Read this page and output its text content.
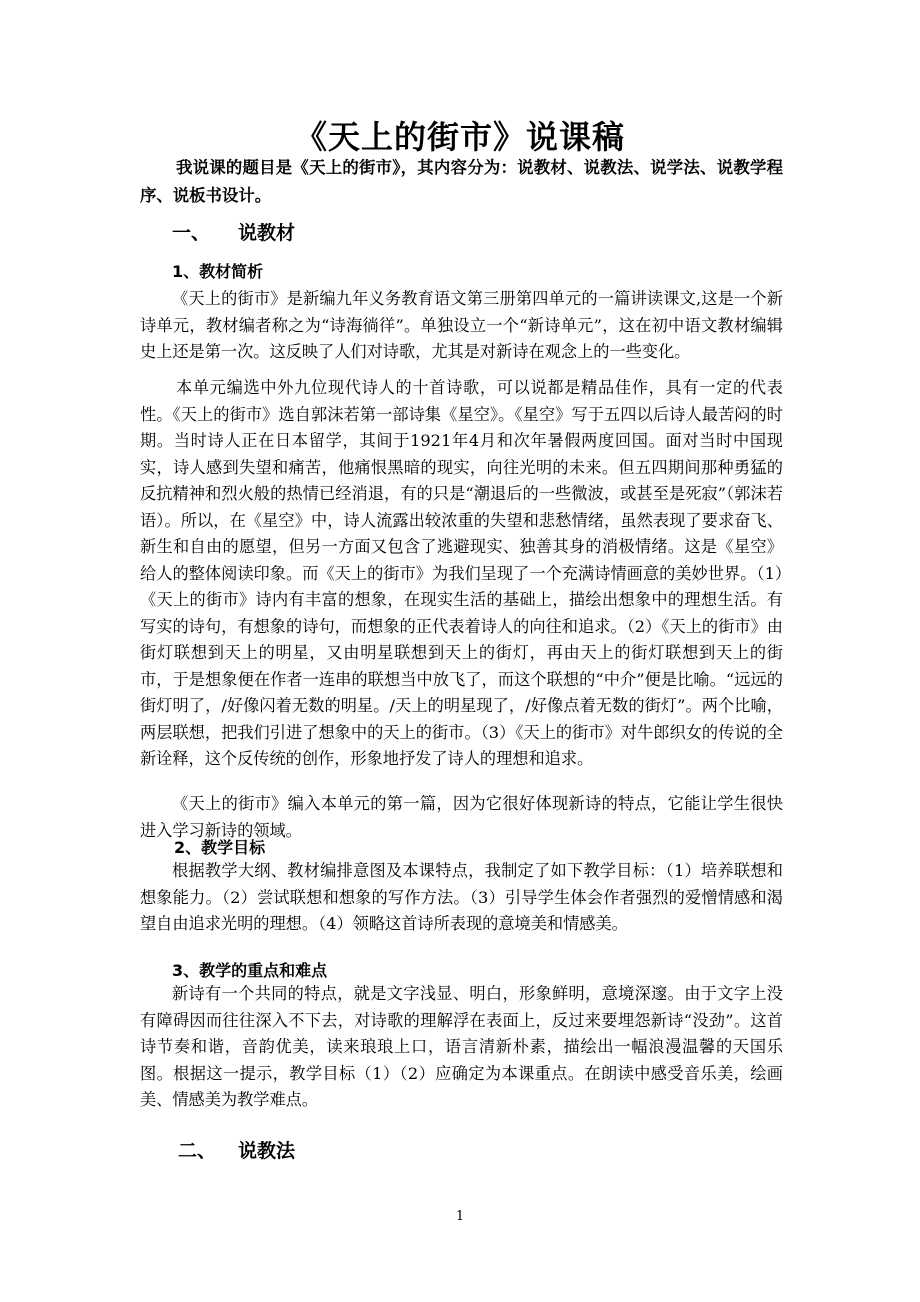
《天上的街市》说课稿
我说课的题目是《天上的街市》，其内容分为：说教材、说教法、说学法、说教学程序、说板书设计。
一、 说教材
1、教材简析
《天上的街市》是新编九年义务教育语文第三册第四单元的一篇讲读课文,这是一个新诗单元，教材编者称之为“诗海徜徉”。单独设立一个“新诗单元”，这在初中语文教材编辑史上还是第一次。这反映了人们对诗歌，尤其是对新诗在观念上的一些变化。
本单元编选中外九位现代诗人的十首诗歌，可以说都是精品佳作，具有一定的代表性。《天上的街市》选自郭沫若第一部诗集《星空》。《星空》写于五四以后诗人最苦闷的时期。当时诗人正在日本留学，其间于1921年4月和次年暑假两度回国。面对当时中国现实，诗人感到失望和痛苦，他痛恨黑暗的现实，向往光明的未来。但五四期间那种勇猛的反抗精神和烈火般的热情已经消退，有的只是“潮退后的一些微波，或甚至是死寂”（郭沫若语）。所以，在《星空》中，诗人流露出较浓重的失望和悲愁情绪，虽然表现了要求奋飞、新生和自由的愿望，但另一方面又包含了逃避现实、独善其身的消极情绪。这是《星空》给人的整体阅读印象。而《天上的街市》为我们呈现了一个充满诗情画意的美妙世界。（1）《天上的街市》诗内有丰富的想象，在现实生活的基础上，描绘出想象中的理想生活。有写实的诗句，有想象的诗句，而想象的正代表着诗人的向往和追求。（2）《天上的街市》由街灯联想到天上的明星，又由明星联想到天上的街灯，再由天上的街灯联想到天上的街市，于是想象便在作者一连串的联想当中放飞了，而这个联想的“中介”便是比喻。“远远的街灯明了，/好像闪着无数的明星。/天上的明星现了，/好像点着无数的街灯”。两个比喻，两层联想，把我们引进了想象中的天上的街市。（3）《天上的街市》对牛郎织女的传说的全新诠释，这个反传统的创作，形象地抒发了诗人的理想和追求。
《天上的街市》编入本单元的第一篇，因为它很好体现新诗的特点，它能让学生很快进入学习新诗的领域。
2、教学目标
根据教学大纲、教材编排意图及本课特点，我制定了如下教学目标：（1）培养联想和想象能力。（2）尝试联想和想象的写作方法。（3）引导学生体会作者强烈的爱憎情感和渴望自由追求光明的理想。（4）领略这首诗所表现的意境美和情感美。
3、教学的重点和难点
新诗有一个共同的特点，就是文字浅显、明白，形象鲜明，意境深邃。由于文字上没有障碍因而往往深入不下去，对诗歌的理解浮在表面上，反过来要埋怨新诗“没劲”。这首诗节奏和谐，音韵优美，读来琅琅上口，语言清新朴素，描绘出一幅浪漫温馨的天国乐图。根据这一提示，教学目标（1）（2）应确定为本课重点。在朗读中感受音乐美，绘画美、情感美为教学难点。
二、 说教法
1
